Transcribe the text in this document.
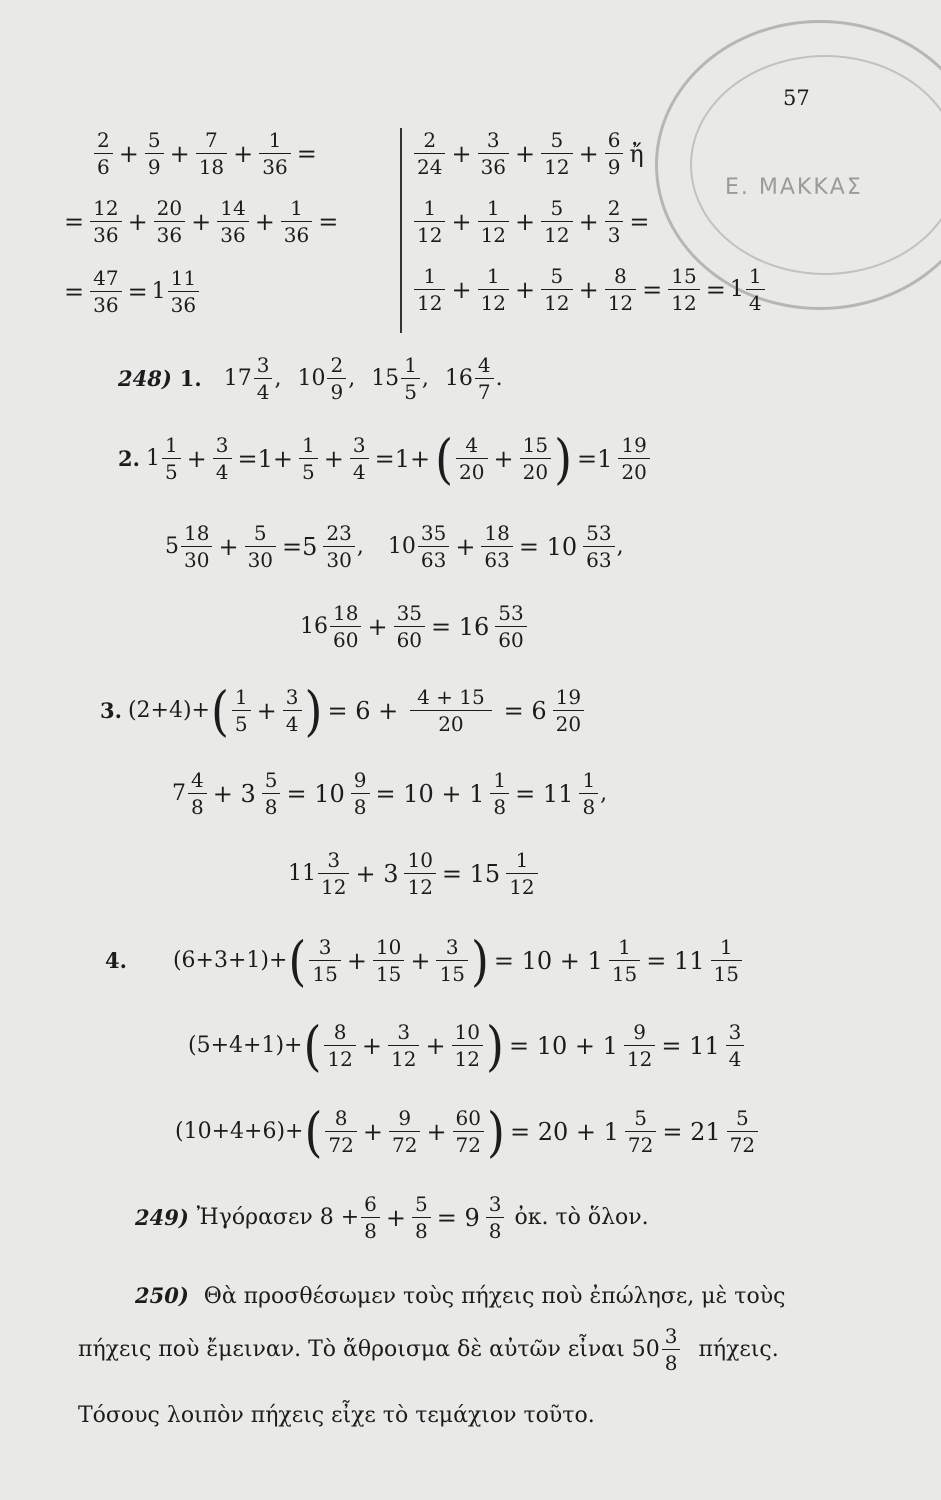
Ε. ΜΑΚΚΑΣ
57
$\frac{2}{6} + \frac{5}{9} + \frac{7}{18} + \frac{1}{36}$ =
= $\frac{12}{36} + \frac{20}{36} + \frac{14}{36} + \frac{1}{36}$ =
= $\frac{47}{36} = 1 \frac{11}{36}$
$\frac{2}{24} + \frac{3}{36} + \frac{5}{12} + \frac{6}{9}$ ἤ
$\frac{1}{12} + \frac{1}{12} + \frac{5}{12} + \frac{2}{3}$ =
$\frac{1}{12} + \frac{1}{12} + \frac{5}{12} + \frac{8}{12} = \frac{15}{12} = 1 \frac{1}{4}$
248) 1. $17 \frac{3}{4}$ , $10 \frac{2}{9}$ , $15 \frac{1}{5}$ , $16 \frac{4}{7}$ .
2. $1 \frac{1}{5} + \frac{3}{4} =1+ \frac{1}{5} + \frac{3}{4} =1+$ ( $\frac{4}{20} + \frac{15}{20}$ ) $=1 \frac{19}{20}$
$5 \frac{18}{30} + \frac{5}{30} =5 \frac{23}{30}$ , $10 \frac{35}{63} + \frac{18}{63} = 10 \frac{53}{63}$ ,
$16 \frac{18}{60} + \frac{35}{60} = 16 \frac{53}{60}$
3. (2+4)+ ( $\frac{1}{5} + \frac{3}{4}$ ) = $6 + \frac{4 + 15}{20} = 6 \frac{19}{20}$
$7 \frac{4}{8} + 3 \frac{5}{8} = 10 \frac{9}{8} = 10 + 1 \frac{1}{8} = 11 \frac{1}{8}$ ,
$11 \frac{3}{12} + 3 \frac{10}{12} = 15 \frac{1}{12}$
4. (6+3+1)+ ( $\frac{3}{15} + \frac{10}{15} + \frac{3}{15}$ ) = $10 + 1 \frac{1}{15} = 11 \frac{1}{15}$
(5+4+1)+ ( $\frac{8}{12} + \frac{3}{12} + \frac{10}{12}$ ) = $10 + 1 \frac{9}{12} = 11 \frac{3}{4}$
(10+4+6)+ ( $\frac{8}{72} + \frac{9}{72} + \frac{60}{72}$ ) = $20 + 1 \frac{5}{72} = 21 \frac{5}{72}$
249) Ἠγόρασεν $8 + \frac{6}{8} + \frac{5}{8} = 9 \frac{3}{8}$ ὀκ. τὸ ὅλον.
250) Θὰ προσθέσωμεν τοὺς πήχεις ποὺ ἐπώλησε, μὲ τοὺς
πήχεις ποὺ ἔμειναν. Τὸ ἄθροισμα δὲ αὐτῶν εἶναι $50 \frac{3}{8} \pi ή\chi\varepsilon\iota\varsigma$.
Τόσους λοιπὸν πήχεις εἶχε τὸ τεμάχιον τοῦτο.
